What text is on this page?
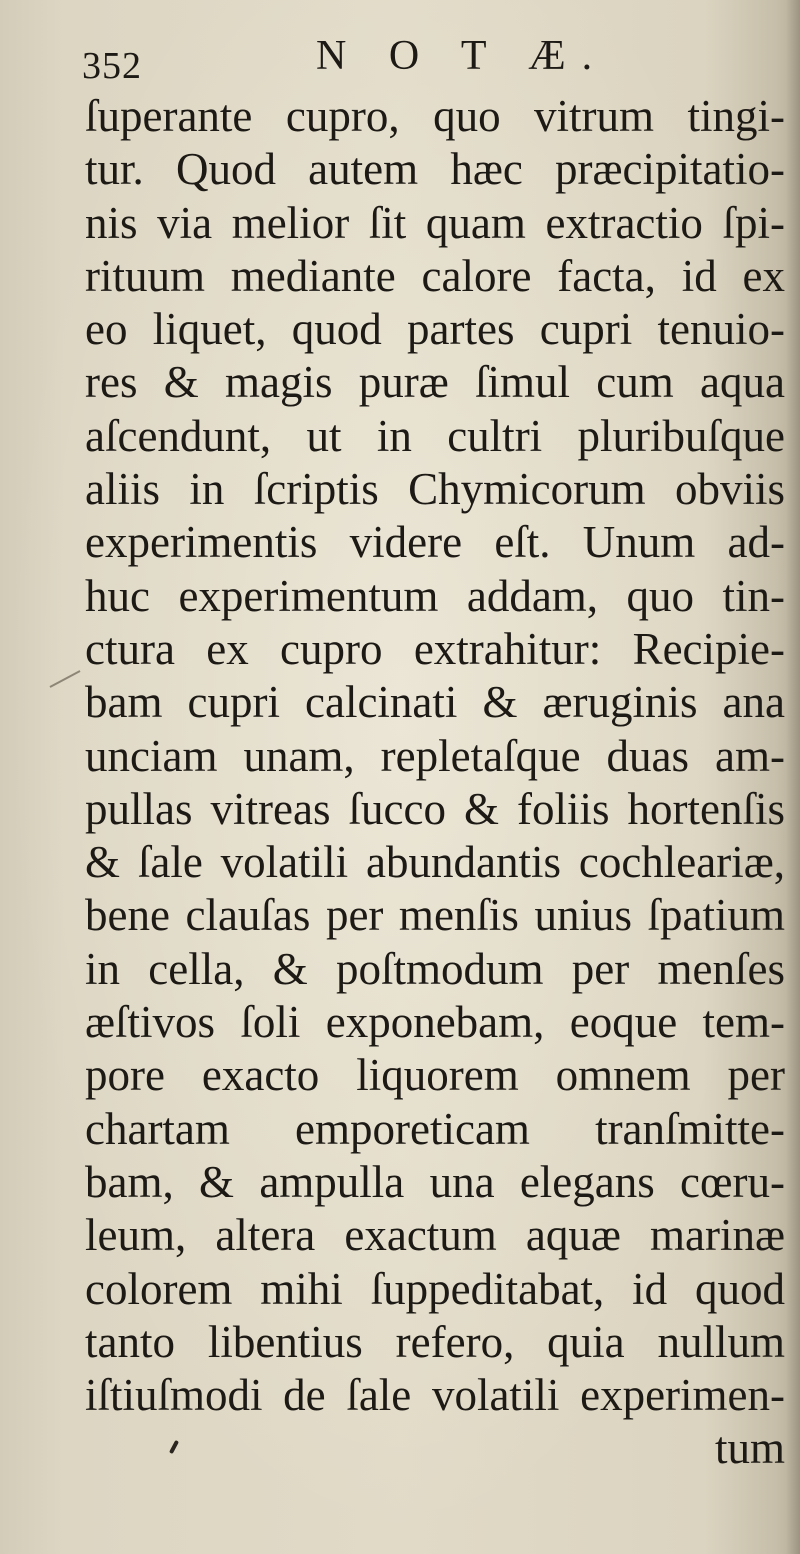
352	N O T Æ.
ſuperante cupro, quo vitrum tingi-
tur. Quod autem hæc præcipitatio-
nis via melior ſit quam extractio ſpi-
rituum mediante calore facta, id ex
eo liquet, quod partes cupri tenuio-
res & magis puræ ſimul cum aqua
aſcendunt, ut in cultri pluribuſque
aliis in ſcriptis Chymicorum obviis
experimentis videre eſt. Unum ad-
huc experimentum addam, quo tin-
ctura ex cupro extrahitur: Recipie-
bam cupri calcinati & æruginis ana
unciam unam, repletaſque duas am-
pullas vitreas ſucco & foliis hortenſis
& ſale volatili abundantis cochleariæ,
bene clauſas per menſis unius ſpatium
in cella, & poſtmodum per menſes
æſtivos ſoli exponebam, eoque tem-
pore exacto liquorem omnem per
chartam emporeticam tranſmitte-
bam, & ampulla una elegans cœru-
leum, altera exactum aquæ marinæ
colorem mihi ſuppeditabat, id quod
tanto libentius refero, quia nullum
iſtiuſmodi de ſale volatili experimen-
tum
